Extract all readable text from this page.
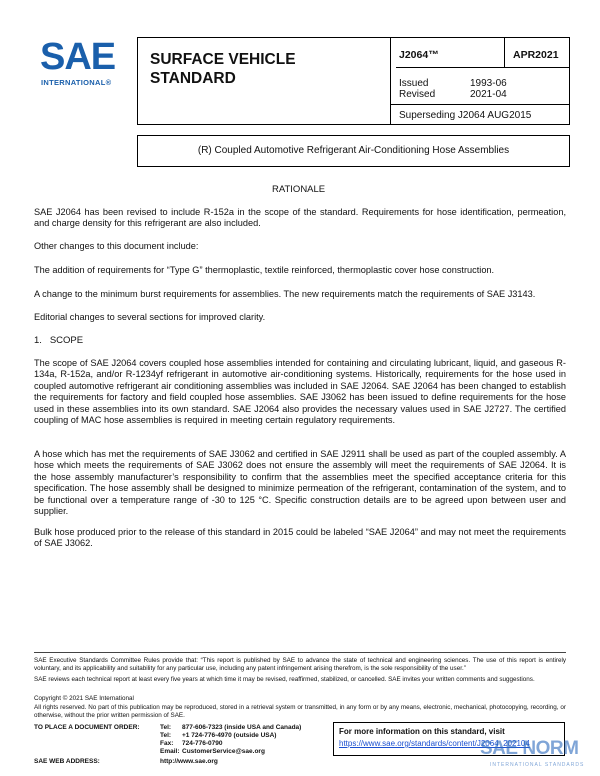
SAE
INTERNATIONAL®
SURFACE VEHICLE STANDARD
J2064™	APR2021
Issued	1993-06
Revised	2021-04
Superseding J2064 AUG2015
(R) Coupled Automotive Refrigerant Air-Conditioning Hose Assemblies
RATIONALE

SAE J2064 has been revised to include R-152a in the scope of the standard. Requirements for hose identification, permeation, and charge density for this refrigerant are also included.

Other changes to this document include:

The addition of requirements for “Type G” thermoplastic, textile reinforced, thermoplastic cover hose construction.

A change to the minimum burst requirements for assemblies. The new requirements match the requirements of SAE J3143.

Editorial changes to several sections for improved clarity.

1.   SCOPE

The scope of SAE J2064 covers coupled hose assemblies intended for containing and circulating lubricant, liquid, and gaseous R-134a, R-152a, and/or R-1234yf refrigerant in automotive air-conditioning systems. Historically, requirements for the hose used in coupled automotive refrigerant air conditioning assemblies was included in SAE J2064. SAE J2064 has been changed to establish the requirements for factory and field coupled hose assemblies. SAE J3062 has been issued to define requirements for the hose used in these assemblies into its own standard. SAE J2064 also provides the necessary values used in SAE J2727. The certified coupling of MAC hose assemblies is required in meeting certain regulatory requirements.

A hose which has met the requirements of SAE J3062 and certified in SAE J2911 shall be used as part of the coupled assembly. A hose which meets the requirements of SAE J3062 does not ensure the assembly will meet the requirements of SAE J2064. It is the hose assembly manufacturer’s responsibility to confirm that the assemblies meet the specified acceptance criteria for this specification. The hose assembly shall be designed to minimize permeation of the refrigerant, contamination of the system, and to be functional over a temperature range of -30 to 125 °C. Specific construction details are to be agreed upon between user and supplier.

Bulk hose produced prior to the release of this standard in 2015 could be labeled “SAE J2064” and may not meet the requirements of SAE J3062.

SAE Executive Standards Committee Rules provide that: “This report is published by SAE to advance the state of technical and engineering sciences. The use of this report is entirely voluntary, and its applicability and suitability for any particular use, including any patent infringement arising therefrom, is the sole responsibility of the user.”

SAE reviews each technical report at least every five years at which time it may be revised, reaffirmed, stabilized, or cancelled. SAE invites your written comments and suggestions.

Copyright © 2021 SAE International

All rights reserved. No part of this publication may be reproduced, stored in a retrieval system or transmitted, in any form or by any means, electronic, mechanical, photocopying, recording, or otherwise, without the prior written permission of SAE.

TO PLACE A DOCUMENT ORDER:	Tel: 877-606-7323 (inside USA and Canada)
Tel: +1 724-776-4970 (outside USA)
Fax: 724-776-0790
Email: CustomerService@sae.org
SAE WEB ADDRESS:	http://www.sae.org

For more information on this standard, visit

https://www.sae.org/standards/content/J2064_202104

SAE NORM
INTERNATIONAL STANDARDS
